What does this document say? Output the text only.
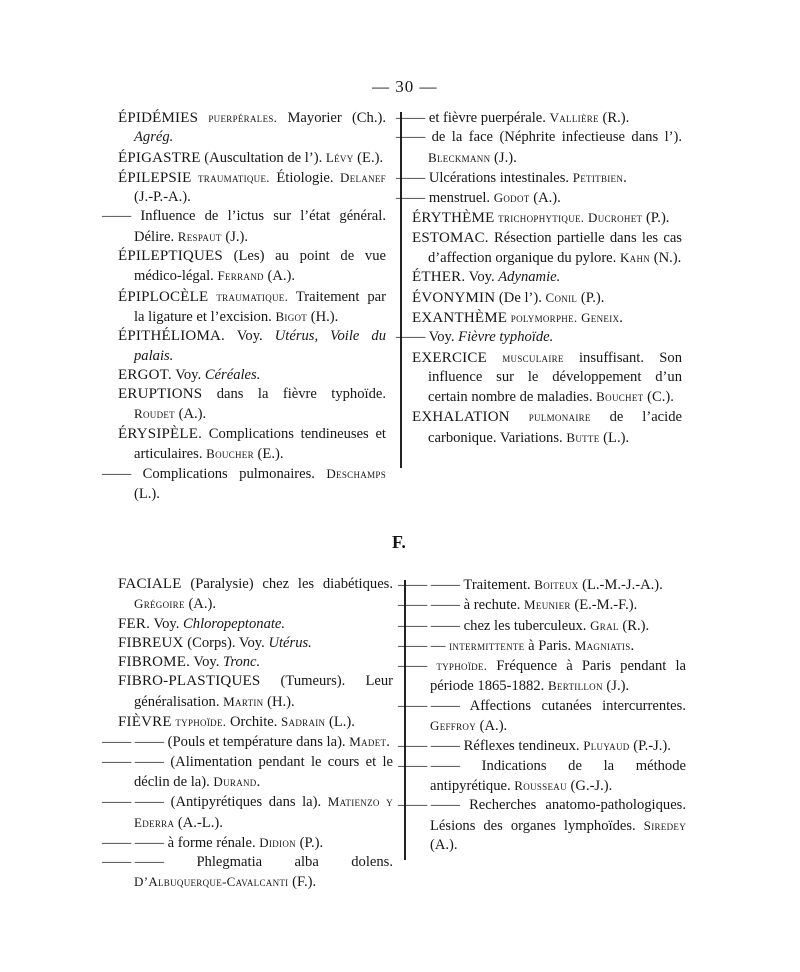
— 30 —

ÉPIDÉMIES puerpérales. Mayorier (Ch.). Agrég.

ÉPIGASTRE (Auscultation de l’). Lévy (E.).

ÉPILEPSIE traumatique. Étiologie. Delanef (J.-P.-A.).

—— Influence de l’ictus sur l’état général. Délire. Respaut (J.).

ÉPILEPTIQUES (Les) au point de vue médico-légal. Ferrand (A.).

ÉPIPLOCÈLE traumatique. Traitement par la ligature et l’excision. Bigot (H.).

ÉPITHÉLIOMA. Voy. Utérus, Voile du palais.

ERGOT. Voy. Céréales.

ERUPTIONS dans la fièvre typhoïde. Roudet (A.).

ÉRYSIPÈLE. Complications tendineuses et articulaires. Boucher (E.).

—— Complications pulmonaires. Deschamps (L.).

—— et fièvre puerpérale. Vallière (R.).

—— de la face (Néphrite infectieuse dans l’). Bleckmann (J.).

—— Ulcérations intestinales. Petitbien.

—— menstruel. Godot (A.).

ÉRYTHÈME trichophytique. Ducrohet (P.).

ESTOMAC. Résection partielle dans les cas d’affection organique du pylore. Kahn (N.).

ÉTHER. Voy. Adynamie.

ÉVONYMIN (De l’). Conil (P.).

EXANTHÈME polymorphe. Geneix.

—— Voy. Fièvre typhoïde.

EXERCICE musculaire insuffisant. Son influence sur le développement d’un certain nombre de maladies. Bouchet (C.).

EXHALATION pulmonaire de l’acide carbonique. Variations. Butte (L.).

F.

FACIALE (Paralysie) chez les diabétiques. Grégoire (A.).

FER. Voy. Chloropeptonate.

FIBREUX (Corps). Voy. Utérus.

FIBROME. Voy. Tronc.

FIBRO-PLASTIQUES (Tumeurs). Leur généralisation. Martin (H.).

FIÈVRE typhoïde. Orchite. Sadrain (L.).

—— —— (Pouls et température dans la). Madet.

—— —— (Alimentation pendant le cours et le déclin de la). Durand.

—— —— (Antipyrétiques dans la). Matienzo y Ederra (A.-L.).

—— —— à forme rénale. Didion (P.).

—— —— Phlegmatia alba dolens. D’Albuquerque-Cavalcanti (F.).

—— —— Traitement. Boiteux (L.-M.-J.-A.).

—— —— à rechute. Meunier (E.-M.-F.).

—— —— chez les tuberculeux. Gral (R.).

—— — intermittente à Paris. Magniatis.

—— typhoïde. Fréquence à Paris pendant la période 1865-1882. Bertillon (J.).

—— —— Affections cutanées intercurrentes. Geffroy (A.).

—— —— Réflexes tendineux. Pluyaud (P.-J.).

—— —— Indications de la méthode antipyrétique. Rousseau (G.-J.).

—— —— Recherches anatomo-pathologiques. Lésions des organes lymphoïdes. Siredey (A.).
